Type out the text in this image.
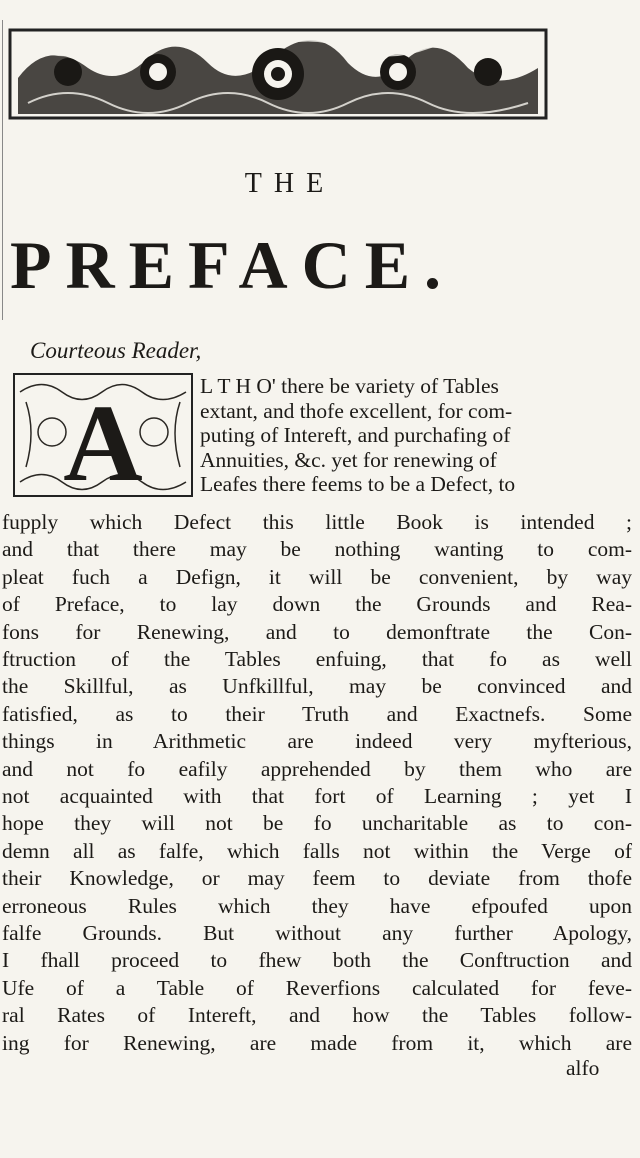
THE
PREFACE.
Courteous Reader,
A	L T H O' there be variety of Tables
extant, and thofe excellent, for com-
puting of Intereft, and purchafing of
Annuities, &c. yet for renewing of
Leafes there feems to be a Defect, to
fupply which Defect this little Book is intended ;
and that there may be nothing wanting to com-
pleat fuch a Defign, it will be convenient, by way
of Preface, to lay down the Grounds and Rea-
fons for Renewing, and to demonftrate the Con-
ftruction of the Tables enfuing, that fo as well
the Skillful, as Unfkillful, may be convinced and
fatisfied, as to their Truth and Exactnefs. Some
things in Arithmetic are indeed very myfterious,
and not fo eafily apprehended by them who are
not acquainted with that fort of Learning ; yet I
hope they will not be fo uncharitable as to con-
demn all as falfe, which falls not within the Verge of
their Knowledge, or may feem to deviate from thofe
erroneous Rules which they have efpoufed upon
falfe Grounds. But without any further Apology,
I fhall proceed to fhew both the Conftruction and
Ufe of a Table of Reverfions calculated for feve-
ral Rates of Intereft, and how the Tables follow-
ing for Renewing, are made from it, which are
alfo
